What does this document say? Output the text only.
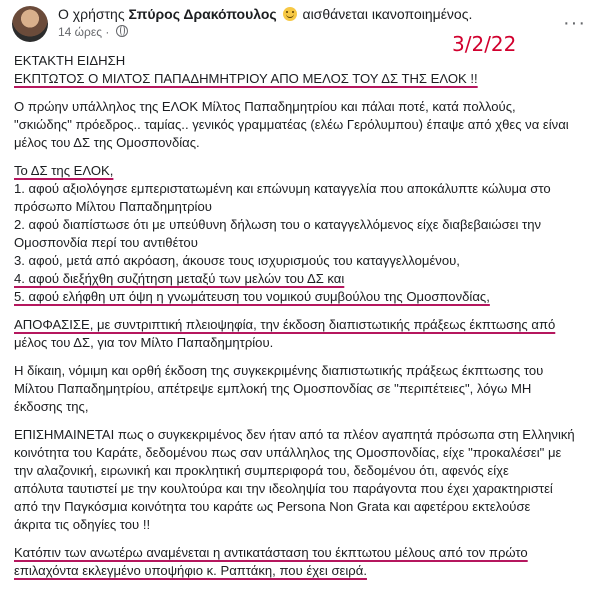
Ο χρήστης Σπύρος Δρακόπουλος αισθάνεται ικανοποιημένος.
14 ώρες ·	···
3/2/22
ΕΚΤΑΚΤΗ ΕΙΔΗΣΗ
ΕΚΠΤΩΤΟΣ Ο ΜΙΛΤΟΣ ΠΑΠΑΔΗΜΗΤΡΙΟΥ ΑΠΟ ΜΕΛΟΣ ΤΟΥ ΔΣ ΤΗΣ ΕΛΟΚ !!
Ο πρώην υπάλληλος της ΕΛΟΚ Μίλτος Παπαδημητρίου και πάλαι ποτέ, κατά πολλούς,
"σκιώδης" πρόεδρος.. ταμίας.. γενικός γραμματέας (ελέω Γερόλυμπου) έπαψε από χθες να είναι
μέλος του ΔΣ της Ομοσπονδίας.
Το ΔΣ της ΕΛΟΚ,
1. αφού αξιολόγησε εμπεριστατωμένη και επώνυμη καταγγελία που αποκάλυπτε κώλυμα στο
πρόσωπο Μίλτου Παπαδημητρίου
2. αφού διαπίστωσε ότι με υπεύθυνη δήλωση του ο καταγγελλόμενος είχε διαβεβαιώσει την
Ομοσπονδία περί του αντιθέτου
3. αφού, μετά από ακρόαση, άκουσε τους ισχυρισμούς του καταγγελλομένου,
4. αφού διεξήχθη συζήτηση μεταξύ των μελών του ΔΣ και
5. αφού ελήφθη υπ όψη η γνωμάτευση του νομικού συμβούλου της Ομοσπονδίας,
ΑΠΟΦΑΣΙΣΕ, με συντριπτική πλειοψηφία, την έκδοση διαπιστωτικής πράξεως έκπτωσης από
μέλος του ΔΣ, για τον Μίλτο Παπαδημητρίου.
Η δίκαιη, νόμιμη και ορθή έκδοση της συγκεκριμένης διαπιστωτικής πράξεως έκπτωσης του
Μίλτου Παπαδημητρίου, απέτρεψε εμπλοκή της Ομοσπονδίας σε "περιπέτειες", λόγω ΜΗ
έκδοσης της,
ΕΠΙΣΗΜΑΙΝΕΤΑΙ πως ο συγκεκριμένος δεν ήταν από τα πλέον αγαπητά πρόσωπα στη Ελληνική
κοινότητα του Καράτε, δεδομένου πως σαν υπάλληλος της Ομοσπονδίας, είχε "προκαλέσει" με
την αλαζονική, ειρωνική και προκλητική συμπεριφορά του, δεδομένου ότι, αφενός είχε
απόλυτα ταυτιστεί με την κουλτούρα και την ιδεοληψία του παράγοντα που έχει χαρακτηριστεί
από την Παγκόσμια κοινότητα του καράτε ως Persona Non Grata και αφετέρου εκτελούσε
άκριτα τις οδηγίες του !!
Κατόπιν των ανωτέρω αναμένεται η αντικατάσταση του έκπτωτου μέλους από τον πρώτο
επιλαχόντα εκλεγμένο υποψήφιο κ. Ραπτάκη, που έχει σειρά.
